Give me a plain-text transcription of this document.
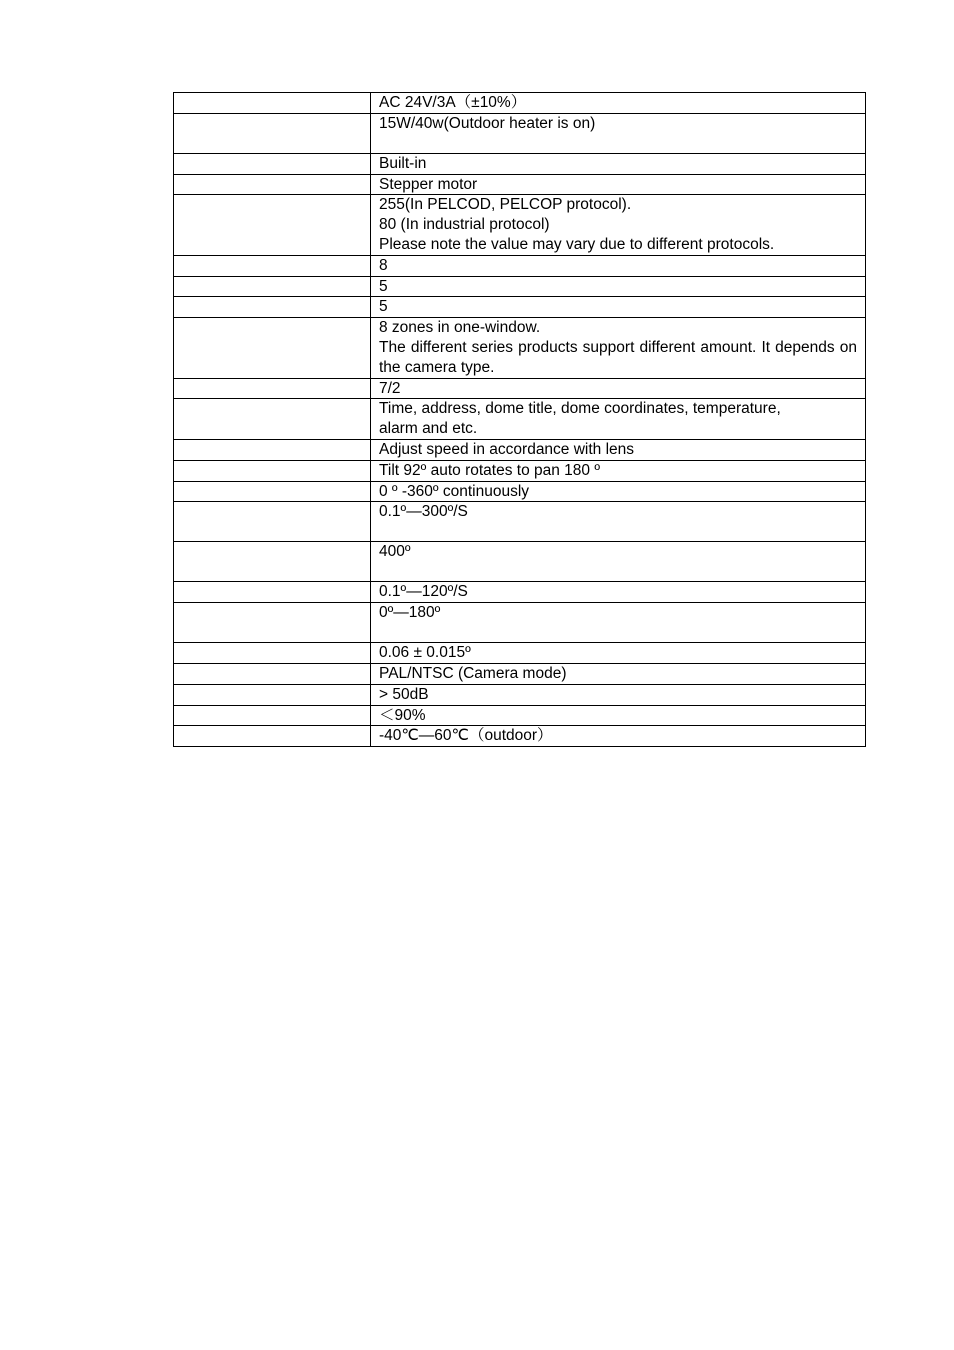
	AC 24V/3A（±10%）

	15W/40w(Outdoor heater is on)

	Built-in

	Stepper motor

	255(In PELCOD, PELCOP protocol).
80 (In industrial protocol)
Please note the value may vary due to different protocols.

	8

	5

	5

	8 zones in one-window.
The different series products support different amount. It depends on the camera type.

	7/2

	Time, address, dome title, dome coordinates, temperature,
alarm and etc.

	Adjust speed in accordance with lens

	Tilt 92º auto rotates to pan 180 º

	0 º -360º continuously

	0.1º—300º/S

	400º

	0.1º—120º/S

	0º—180º

	0.06 ± 0.015º

	PAL/NTSC (Camera mode)

	> 50dB

	＜90%

	-40℃—60℃（outdoor）
